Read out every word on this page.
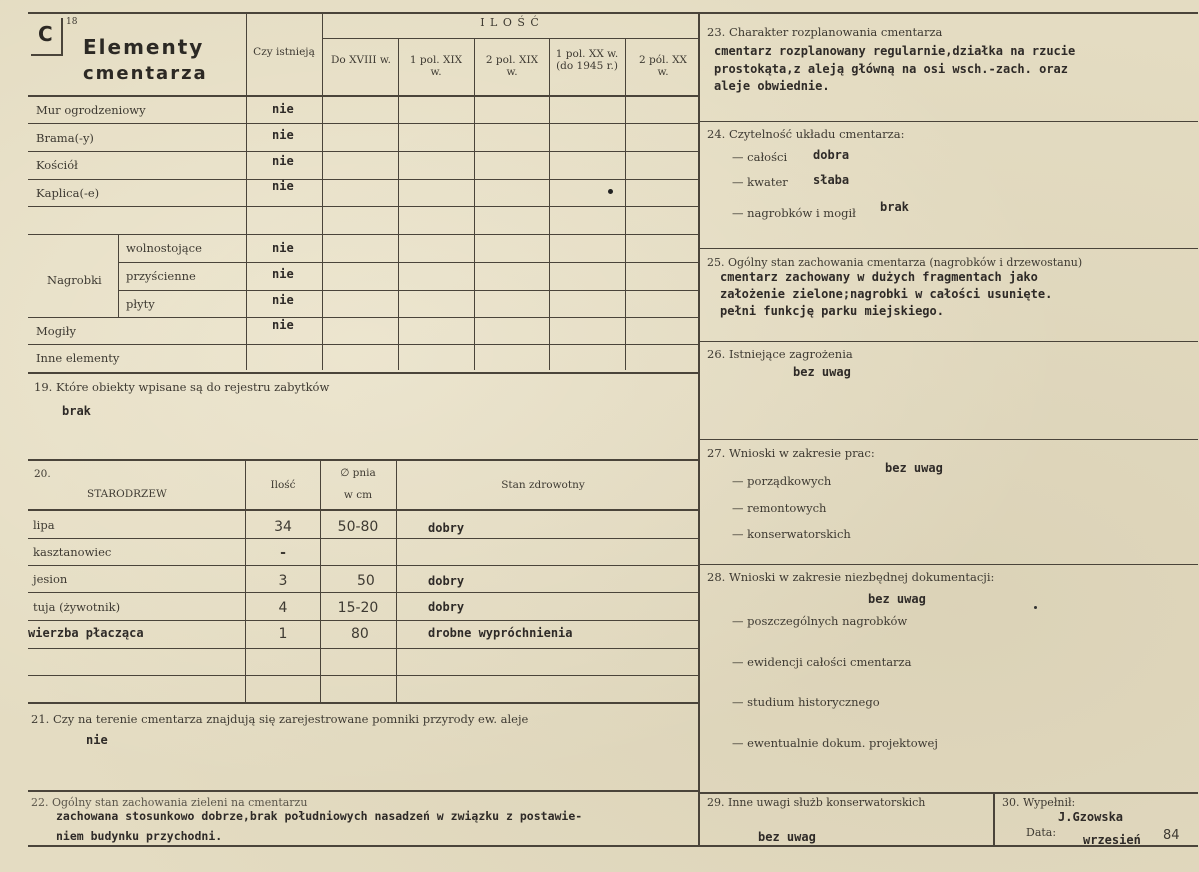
C 18
Elementy
cmentarza
Czy istnieją
I L O Ś Ć
Do XVIII w.	1 pol. XIX w.
2 pol. XIX w.
1 pol. XX w. (do 1945 r.)	2 pól. XX w.
Mur ogrodzeniowy
Brama(-y)
Kościół
Kaplica(-e)
Nagrobki
wolnostojące
przyścienne
płyty
Mogiły
Inne elementy
nie
nie
nie
nie
nie
nie
nie
nie
19. Które obiekty wpisane są do rejestru zabytków
brak
20.
STARODRZEW
Ilość
∅ pnia
w cm
Stan zdrowotny
lipa
kasztanowiec
jesion
tuja (żywotnik)
wierzba płacząca
34
-
3
4
1
50-80
50
15-20
80
dobry
dobry
dobry
drobne wypróchnienia
21. Czy na terenie cmentarza znajdują się zarejestrowane pomniki przyrody ew. aleje
nie
22. Ogólny stan zachowania zieleni na cmentarzu
zachowana stosunkowo dobrze,brak południowych nasadzeń w związku z postawie-
niem budynku przychodni.
23. Charakter rozplanowania cmentarza
cmentarz rozplanowany regularnie,działka na rzucie
prostokąta,z aleją główną na osi wsch.-zach. oraz
aleje obwiednie.
24. Czytelność układu cmentarza:
— całości dobra
— kwater słaba
— nagrobków i mogił brak
25. Ogólny stan zachowania cmentarza (nagrobków i drzewostanu)
cmentarz zachowany w dużych fragmentach jako
założenie zielone;nagrobki w całości usunięte.
pełni funkcję parku miejskiego.
26. Istniejące zagrożenia
bez uwag
27. Wnioski w zakresie prac:
bez uwag
— porządkowych
— remontowych
— konserwatorskich
28. Wnioski w zakresie niezbędnej dokumentacji:
bez uwag
— poszczególnych nagrobków
— ewidencji całości cmentarza
— studium historycznego
— ewentualnie dokum. projektowej
29. Inne uwagi służb konserwatorskich
bez uwag
30. Wypełnił:
J.Gzowska
Data:
wrzesień 84
